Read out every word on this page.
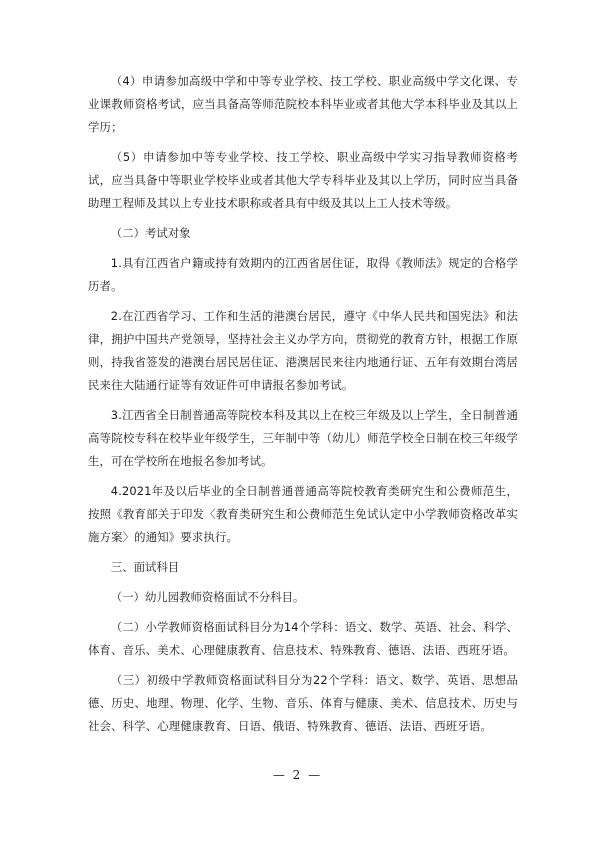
（4）申请参加高级中学和中等专业学校、技工学校、职业高级中学文化课、专业课教师资格考试，应当具备高等师范院校本科毕业或者其他大学本科毕业及其以上学历；

（5）申请参加中等专业学校、技工学校、职业高级中学实习指导教师资格考试，应当具备中等职业学校毕业或者其他大学专科毕业及其以上学历，同时应当具备助理工程师及其以上专业技术职称或者具有中级及其以上工人技术等级。

（二）考试对象

1.具有江西省户籍或持有效期内的江西省居住证，取得《教师法》规定的合格学历者。

2.在江西省学习、工作和生活的港澳台居民，遵守《中华人民共和国宪法》和法律，拥护中国共产党领导，坚持社会主义办学方向，贯彻党的教育方针，根据工作原则，持我省签发的港澳台居民居住证、港澳居民来往内地通行证、五年有效期台湾居民来往大陆通行证等有效证件可申请报名参加考试。

3.江西省全日制普通高等院校本科及其以上在校三年级及以上学生，全日制普通高等院校专科在校毕业年级学生，三年制中等（幼儿）师范学校全日制在校三年级学生，可在学校所在地报名参加考试。

4.2021年及以后毕业的全日制普通普通高等院校教育类研究生和公费师范生，按照《教育部关于印发〈教育类研究生和公费师范生免试认定中小学教师资格改革实施方案〉的通知》要求执行。

三、面试科目

（一）幼儿园教师资格面试不分科目。

（二）小学教师资格面试科目分为14个学科：语文、数学、英语、社会、科学、体育、音乐、美术、心理健康教育、信息技术、特殊教育、德语、法语、西班牙语。

（三）初级中学教师资格面试科目分为22个学科：语文、数学、英语、思想品德、历史、地理、物理、化学、生物、音乐、体育与健康、美术、信息技术、历史与社会、科学、心理健康教育、日语、俄语、特殊教育、德语、法语、西班牙语。

— 2 —
